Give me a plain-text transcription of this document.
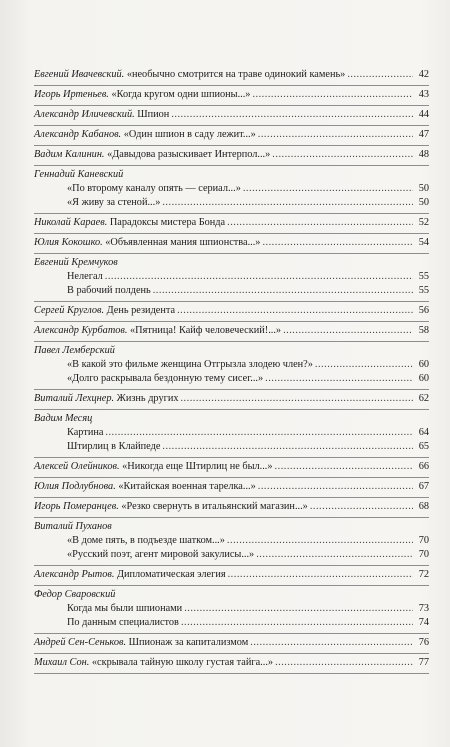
Евгений Ивачевский. «необычно смотрится на траве одинокий камень» .....	42
Игорь Иртеньев. «Когда кругом одни шпионы...» .....	43
Александр Иличевский. Шпион .....	44
Александр Кабанов. «Один шпион в саду лежит...» .....	47
Вадим Калинин. «Давыдова разыскивает Интерпол...» .....	48
Геннадий Каневский
«По второму каналу опять — сериал...» .....	50
«Я живу за стеной...» .....	50
Николай Караев. Парадоксы мистера Бонда .....	52
Юлия Кокошко. «Объявленная мания шпионства...» .....	54
Евгений Кремчуков
Нелегал .....	55
В рабочий полдень .....	55
Сергей Круглов. День резидента .....	56
Александр Курбатов. «Пятница! Кайф человеческий!...» .....	58
Павел Лемберский
«В какой это фильме женщина Отгрызла злодею член?» .....	60
«Долго раскрывала бездонную тему сисег...» .....	60
Виталий Лехцнер. Жизнь других .....	62
Вадим Месяц
Картина .....	64
Штирлиц в Клайпеде .....	65
Алексей Олейников. «Никогда еще Штирлиц не был...» .....	66
Юлия Подлубнова. «Китайская военная тарелка...» .....	67
Игорь Померанцев. «Резко свернуть в итальянский магазин...» .....	68
Виталий Пуханов
«В доме пять, в подъезде шатком...» .....	70
«Русский поэт, агент мировой закулисы...» .....	70
Александр Рытов. Дипломатическая элегия .....	72
Федор Сваровский
Когда мы были шпионами .....	73
По данным специалистов .....	74
Андрей Сен-Сеньков. Шпионаж за капитализмом .....	76
Михаил Сон. «скрывала тайную школу густая тайга...» .....	77
